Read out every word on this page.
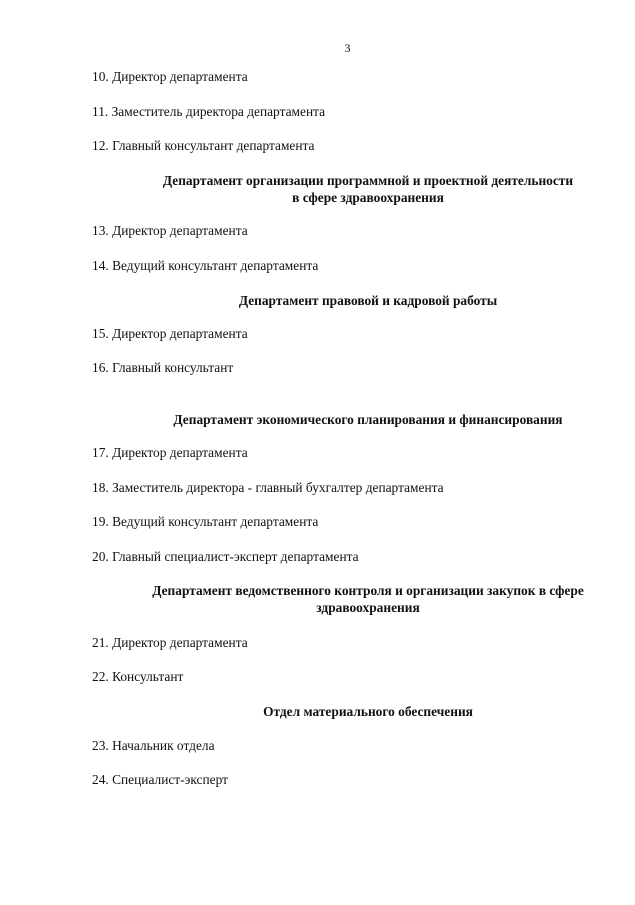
3
10. Директор департамента
11. Заместитель директора департамента
12. Главный консультант департамента
Департамент организации программной и проектной деятельности
в сфере здравоохранения
13. Директор департамента
14. Ведущий консультант департамента
Департамент правовой и кадровой работы
15. Директор департамента
16. Главный консультант
Департамент экономического планирования и финансирования
17. Директор департамента
18. Заместитель директора - главный бухгалтер департамента
19. Ведущий консультант департамента
20. Главный специалист-эксперт департамента
Департамент ведомственного контроля и организации закупок в сфере
здравоохранения
21. Директор департамента
22. Консультант
Отдел материального обеспечения
23. Начальник отдела
24. Специалист-эксперт
